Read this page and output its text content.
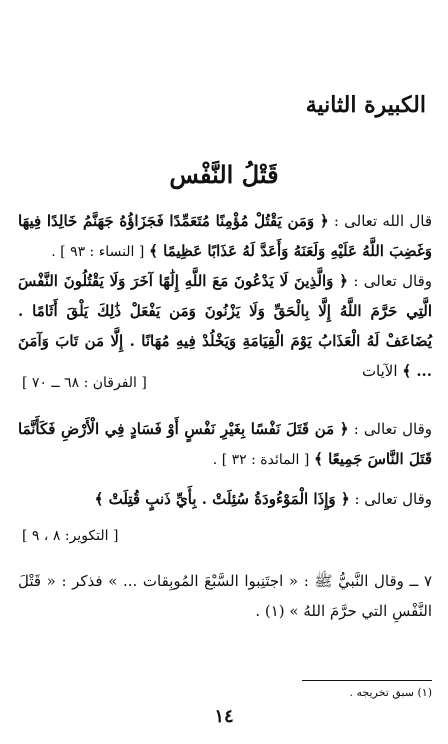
الكبيرة الثانية
قَتْلُ النَّفْس
قال الله تعالى : ﴿ وَمَن يَقْتُلْ مُؤْمِنًا مُتَعَمِّدًا فَجَزَاؤُهُ جَهَنَّمُ خَالِدًا فِيهَا وَغَضِبَ اللَّهُ عَلَيْهِ وَلَعَنَهُ وَأَعَدَّ لَهُ عَذَابًا عَظِيمًا ﴾ [ النساء : ٩٣ ] .
وقال تعالى : ﴿ وَالَّذِينَ لَا يَدْعُونَ مَعَ اللَّهِ إِلَٰهًا آخَرَ وَلَا يَقْتُلُونَ النَّفْسَ الَّتِي حَرَّمَ اللَّهُ إِلَّا بِالْحَقِّ وَلَا يَزْنُونَ وَمَن يَفْعَلْ ذَٰلِكَ يَلْقَ أَثَامًا . يُضَاعَفْ لَهُ الْعَذَابُ يَوْمَ الْقِيَامَةِ وَيَخْلُدْ فِيهِ مُهَانًا . إِلَّا مَن تَابَ وَآمَنَ ... ﴾ الآيات
[ الفرقان : ٦٨ ــ ٧٠ ]
وقال تعالى : ﴿ مَن قَتَلَ نَفْسًا بِغَيْرِ نَفْسٍ أَوْ فَسَادٍ فِي الْأَرْضِ فَكَأَنَّمَا قَتَلَ النَّاسَ جَمِيعًا ﴾ [ المائدة : ٣٢ ] .
وقال تعالى : ﴿ وَإِذَا الْمَوْءُودَةُ سُئِلَتْ . بِأَيِّ ذَنبٍ قُتِلَتْ ﴾
[ التكوير: ٨ ، ٩ ]
٧ ــ وقال النَّبيُّ ﷺ : « اجتَنِبوا السَّبْعَ المُوبِقات ... » فذكر : « قَتْلَ النَّفْسِ التي حرَّمَ اللهُ » (١) .
(١) سبق تخريجه .
١٤
